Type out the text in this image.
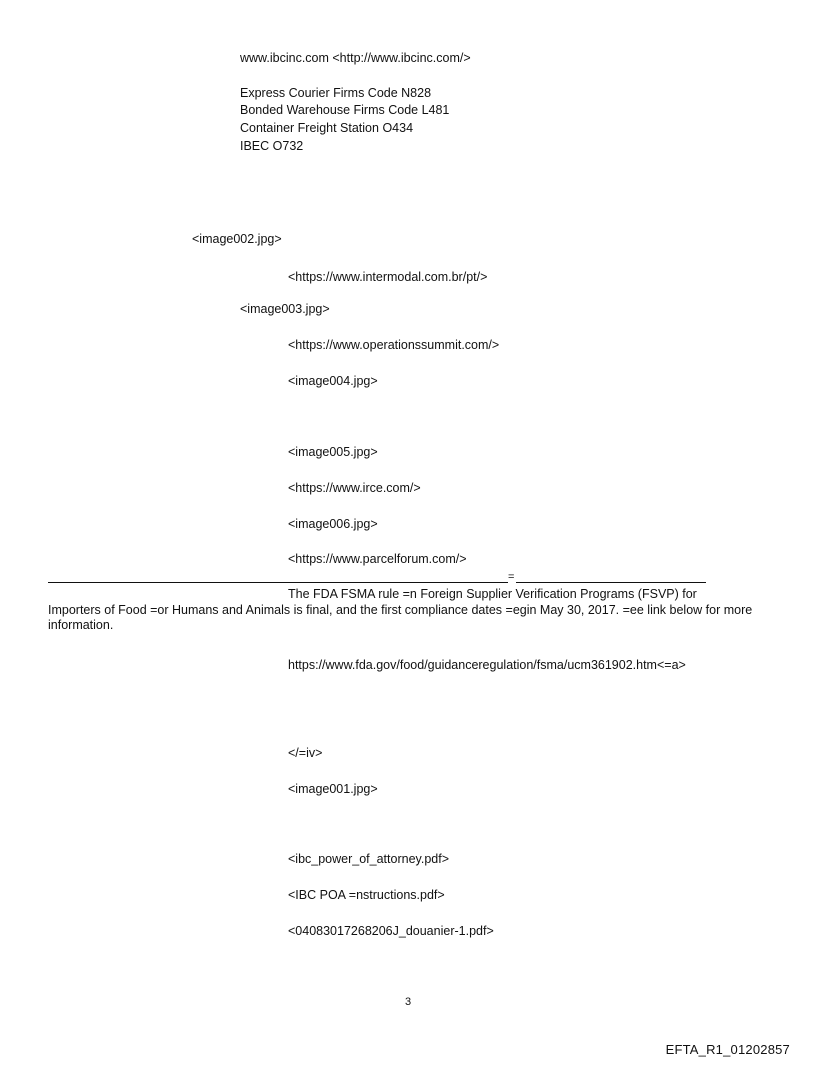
www.ibcinc.com <http://www.ibcinc.com/>
Express Courier Firms Code N828
Bonded Warehouse Firms Code L481
Container Freight Station O434
IBEC O732
<image002.jpg>
<https://www.intermodal.com.br/pt/>
<image003.jpg>
<https://www.operationssummit.com/>
<image004.jpg>
<image005.jpg>
<https://www.irce.com/>
<image006.jpg>
<https://www.parcelforum.com/>
=
The FDA FSMA rule =n Foreign Supplier Verification Programs (FSVP) for
Importers of Food =or Humans and Animals is final, and the first compliance dates =egin May 30, 2017. =ee link below for more information.
https://www.fda.gov/food/guidanceregulation/fsma/ucm361902.htm<=a>
</=iv>
<image001.jpg>
<ibc_power_of_attorney.pdf>
<IBC POA =nstructions.pdf>
<04083017268206J_douanier-1.pdf>
3
EFTA_R1_01202857
